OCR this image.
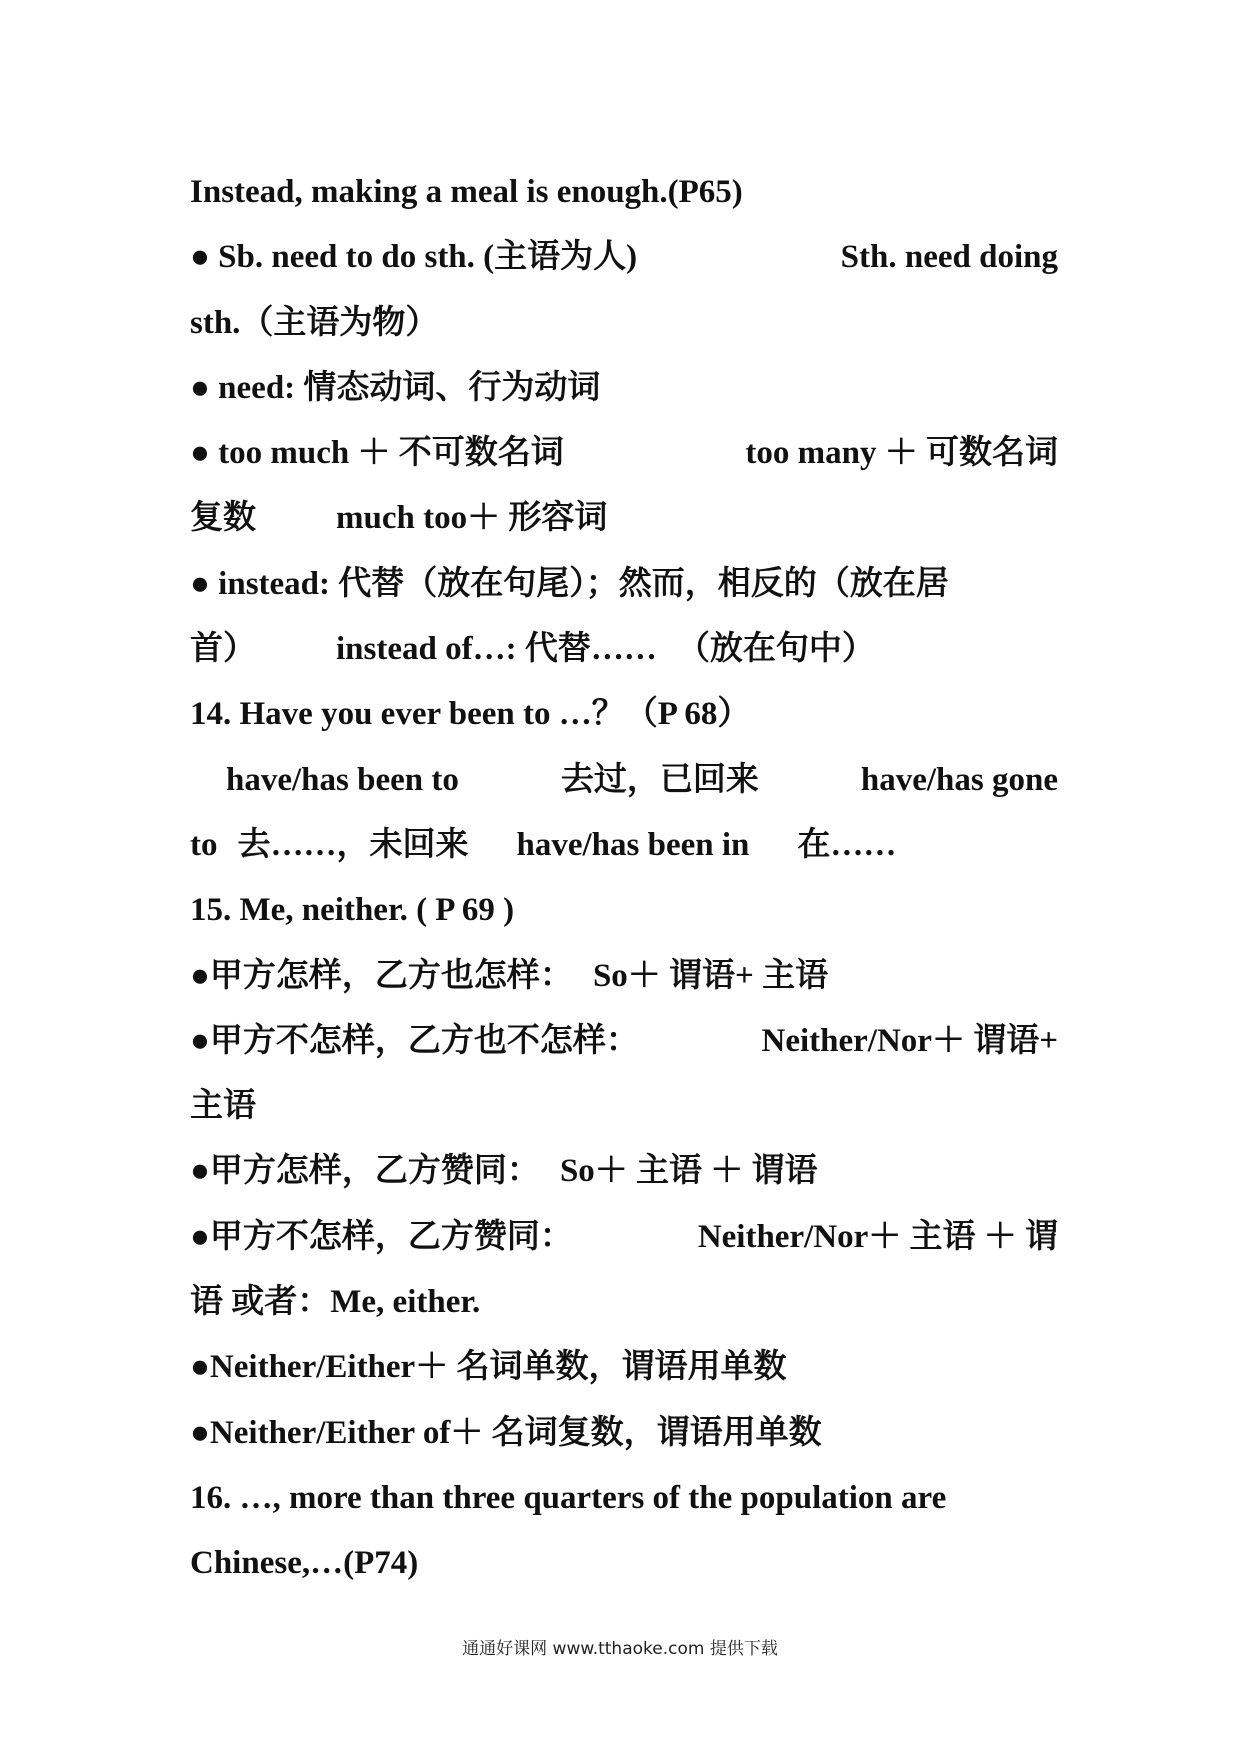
Instead, making a meal is enough.(P65)
● Sb. need to do sth. (主语为人)	Sth. need doing
sth.（主语为物）
● need: 情态动词、行为动词
● too much ＋ 不可数名词	too many ＋ 可数名词
复数 much too＋ 形容词
● instead: 代替（放在句尾）；然而，相反的（放在居
首） instead of…: 代替…… （放在句中）
14. Have you ever been to …？（P 68）
have/has been to	去过，已回来	have/has gone
to 去……，未回来 have/has been in 在……
15. Me, neither. ( P 69 )
●甲方怎样，乙方也怎样： So＋ 谓语+ 主语
●甲方不怎样，乙方也不怎样：	Neither/Nor＋ 谓语+
主语
●甲方怎样，乙方赞同： So＋ 主语 ＋ 谓语
●甲方不怎样，乙方赞同：	Neither/Nor＋ 主语 ＋ 谓
语 或者：Me, either.
●Neither/Either＋ 名词单数，谓语用单数
●Neither/Either of＋ 名词复数，谓语用单数
16. …, more than three quarters of the population are
Chinese,…(P74)
通通好课网 www.tthaoke.com 提供下载
